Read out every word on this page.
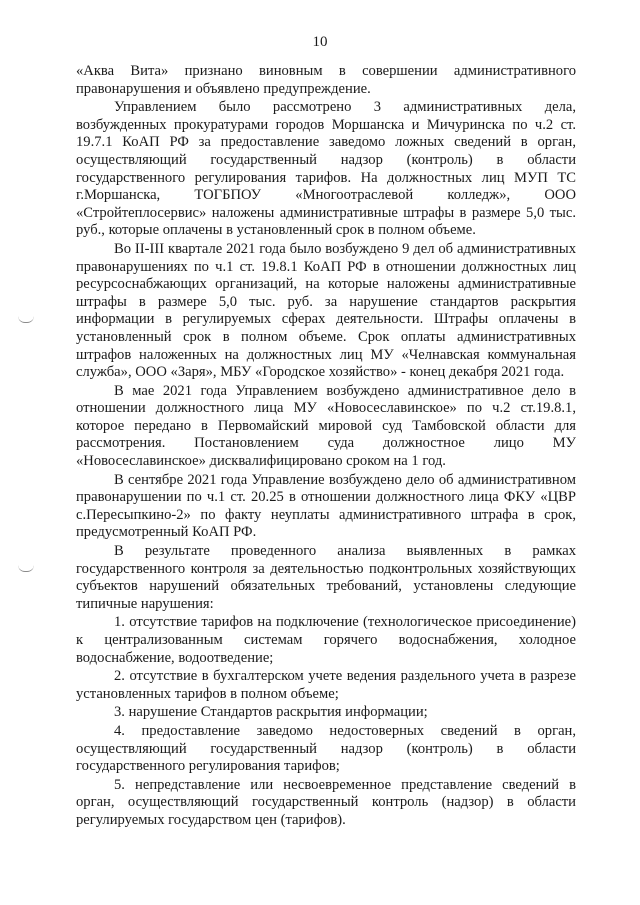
10

«Аква Вита» признано виновным в совершении административного правонарушения и объявлено предупреждение.

Управлением было рассмотрено 3 административных дела, возбужденных прокуратурами городов Моршанска и Мичуринска по ч.2 ст. 19.7.1 КоАП РФ за предоставление заведомо ложных сведений в орган, осуществляющий государственный надзор (контроль) в области государственного регулирования тарифов. На должностных лиц МУП ТС г.Моршанска, ТОГБПОУ «Многоотраслевой колледж», ООО «Стройтеплосервис» наложены административные штрафы в размере 5,0 тыс. руб., которые оплачены в установленный срок в полном объеме.

Во II-III квартале 2021 года было возбуждено 9 дел об административных правонарушениях по ч.1 ст. 19.8.1 КоАП РФ в отношении должностных лиц ресурсоснабжающих организаций, на которые наложены административные штрафы в размере 5,0 тыс. руб. за нарушение стандартов раскрытия информации в регулируемых сферах деятельности. Штрафы оплачены в установленный срок в полном объеме. Срок оплаты административных штрафов наложенных на должностных лиц МУ «Челнавская коммунальная служба», ООО «Заря», МБУ «Городское хозяйство» - конец декабря 2021 года.

В мае 2021 года Управлением возбуждено административное дело в отношении должностного лица МУ «Новосеславинское» по ч.2 ст.19.8.1, которое передано в Первомайский мировой суд Тамбовской области для рассмотрения. Постановлением суда должностное лицо МУ «Новосеславинское» дисквалифицировано сроком на 1 год.

В сентябре 2021 года Управление возбуждено дело об административном правонарушении по ч.1 ст. 20.25 в отношении должностного лица ФКУ «ЦВР с.Пересыпкино-2» по факту неуплаты административного штрафа в срок, предусмотренный КоАП РФ.

В результате проведенного анализа выявленных в рамках государственного контроля за деятельностью подконтрольных хозяйствующих субъектов нарушений обязательных требований, установлены следующие типичные нарушения:

1. отсутствие тарифов на подключение (технологическое присоединение) к централизованным системам горячего водоснабжения, холодное водоснабжение, водоотведение;

2. отсутствие в бухгалтерском учете ведения раздельного учета в разрезе установленных тарифов в полном объеме;

3. нарушение Стандартов раскрытия информации;

4. предоставление заведомо недостоверных сведений в орган, осуществляющий государственный надзор (контроль) в области государственного регулирования тарифов;

5. непредставление или несвоевременное представление сведений в орган, осуществляющий государственный контроль (надзор) в области регулируемых государством цен (тарифов).
